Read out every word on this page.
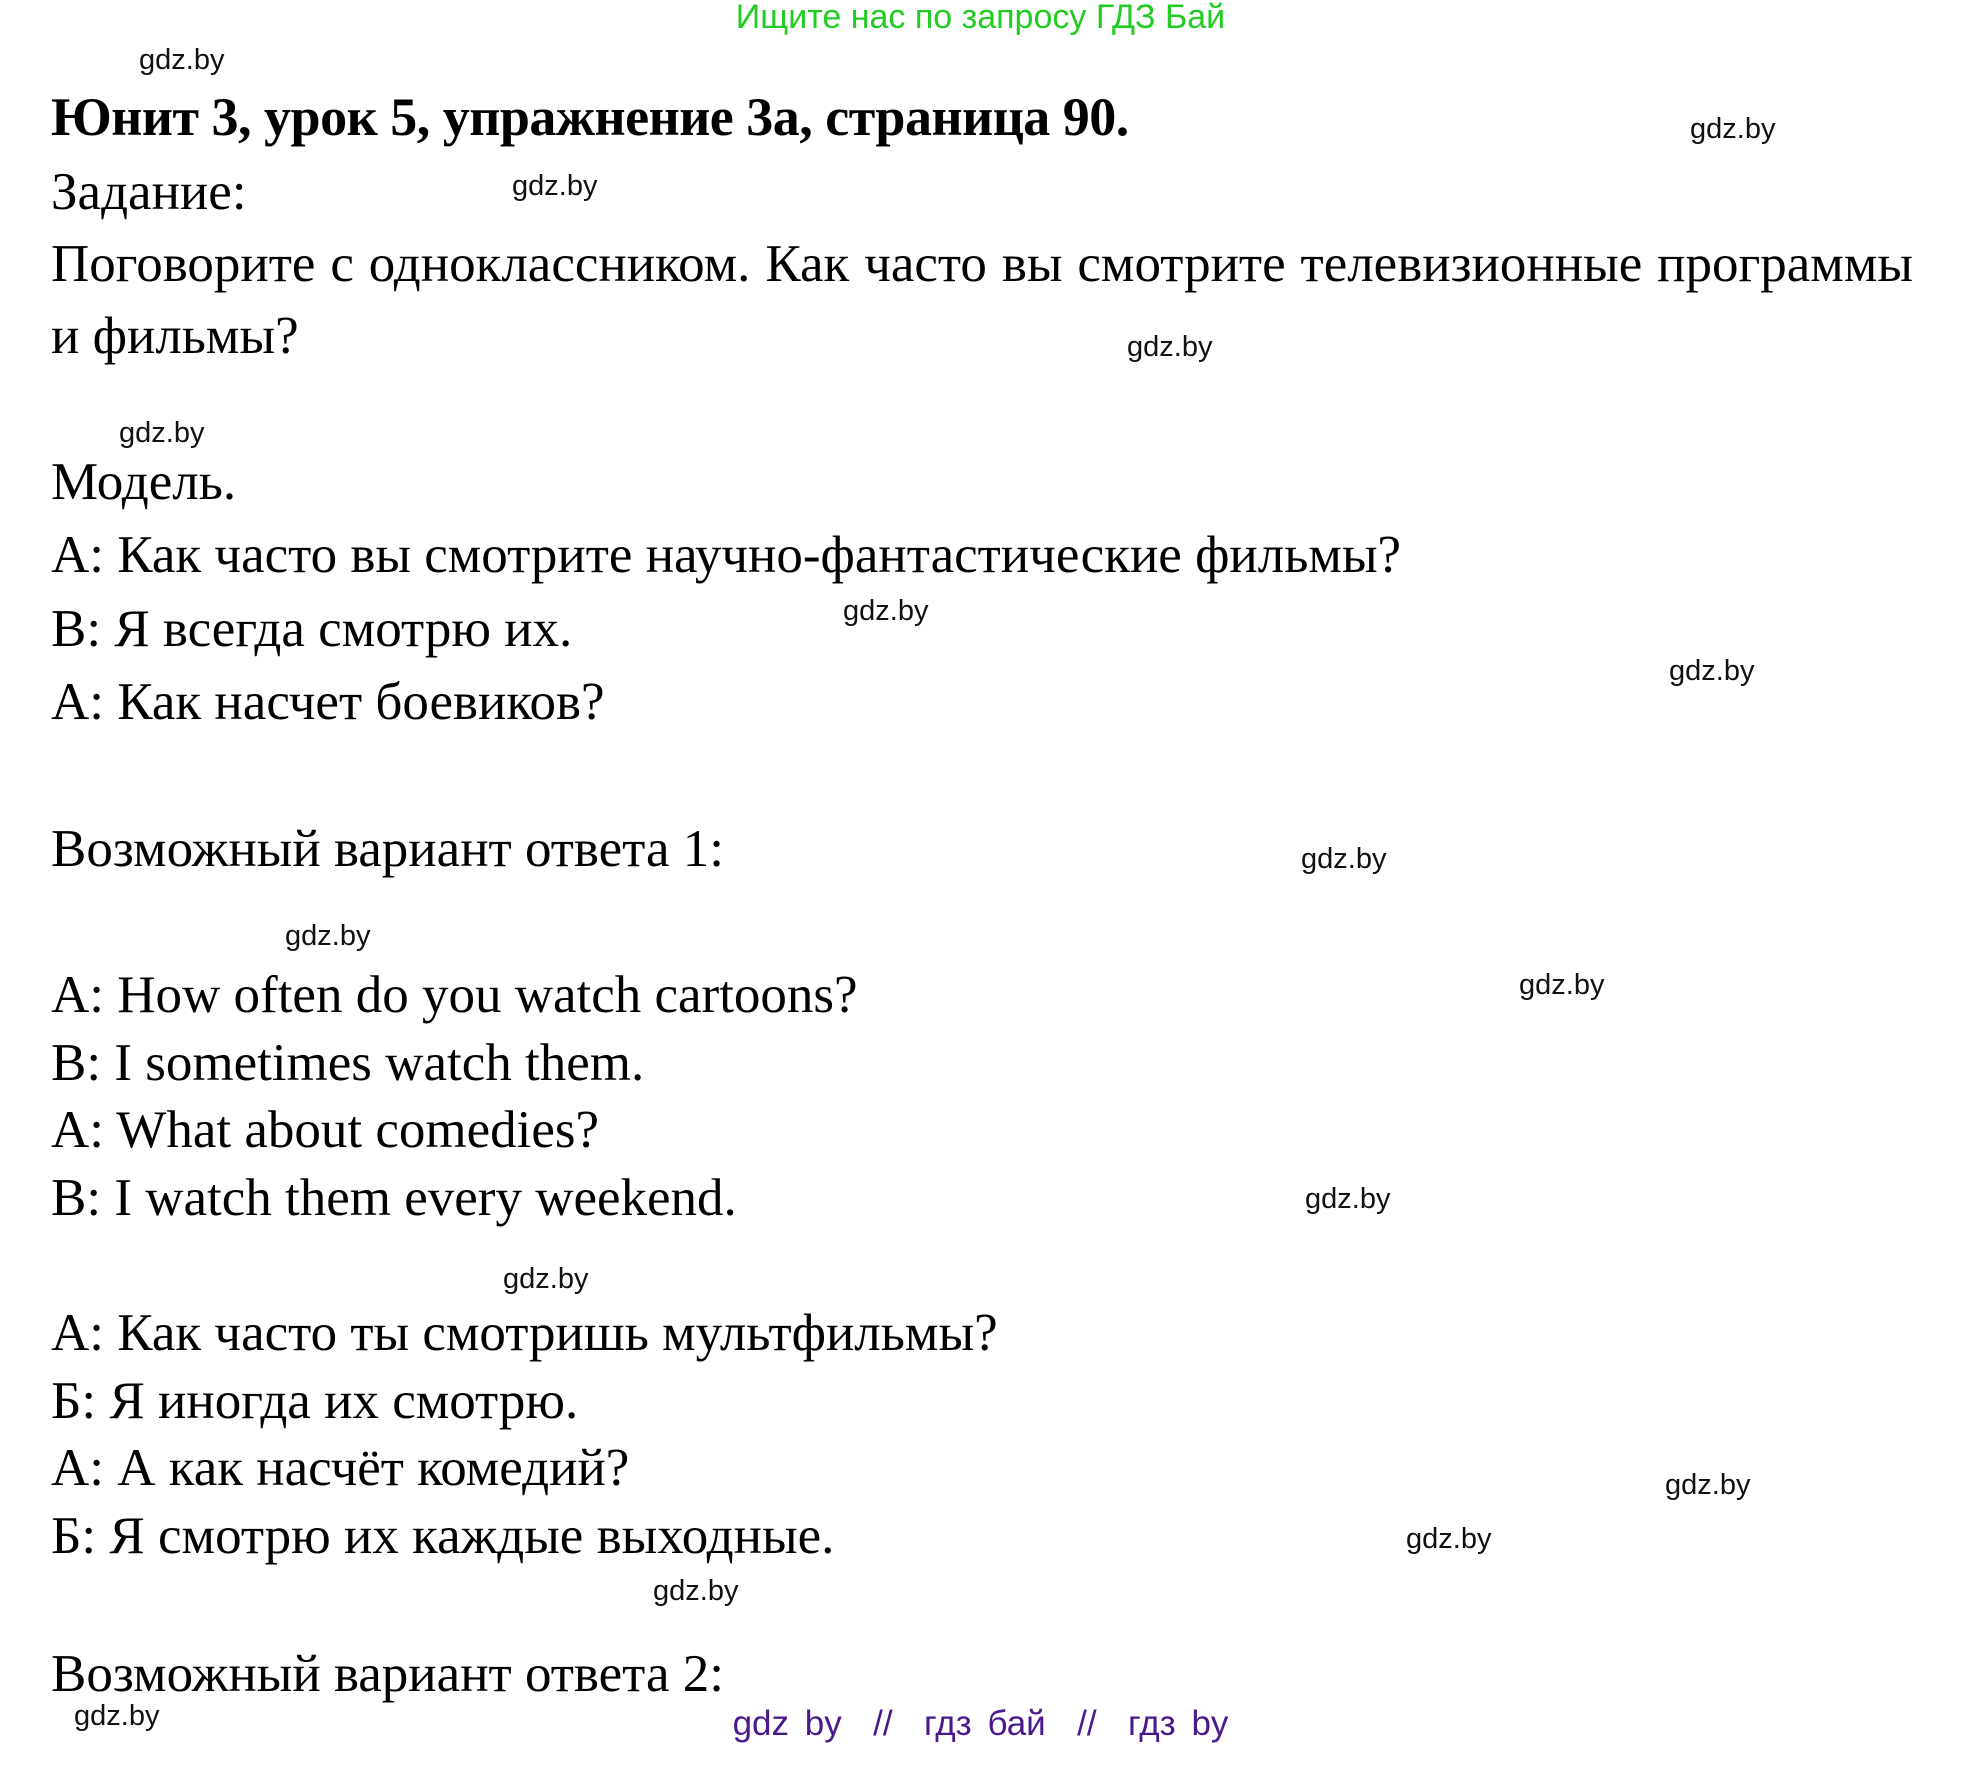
Ищите нас по запросу ГДЗ Бай
Юнит 3, урок 5, упражнение 3a, страница 90.
Задание:
Поговорите с одноклассником. Как часто вы смотрите телевизионные программы и фильмы?
Модель.
А: Как часто вы смотрите научно-фантастические фильмы?
В: Я всегда смотрю их.
А: Как насчет боевиков?
Возможный вариант ответа 1:
A: How often do you watch cartoons?
B: I sometimes watch them.
A: What about comedies?
B: I watch them every weekend.
А: Как часто ты смотришь мультфильмы?
Б: Я иногда их смотрю.
А: А как насчёт комедий?
Б: Я смотрю их каждые выходные.
Возможный вариант ответа 2:
gdz.by
gdz.by
gdz.by
gdz.by
gdz.by
gdz.by
gdz.by
gdz.by
gdz.by
gdz.by
gdz.by
gdz.by
gdz.by
gdz.by
gdz.by
gdz.by	gdz by  //  гдз бай  //  гдз by
